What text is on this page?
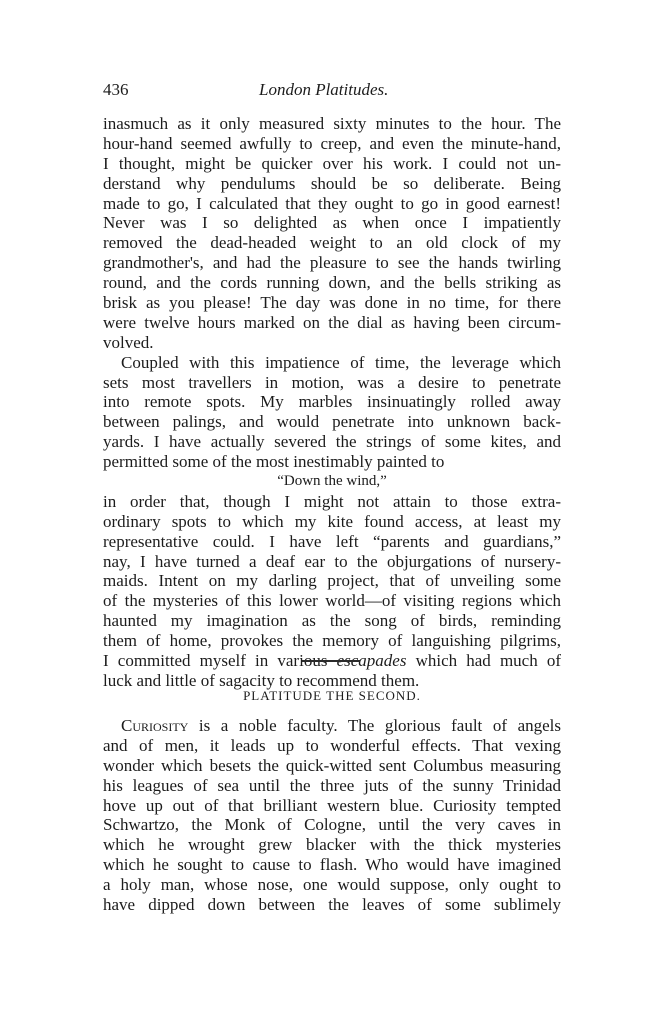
436	London Platitudes.
inasmuch as it only measured sixty minutes to the hour. The
hour-hand seemed awfully to creep, and even the minute-hand,
I thought, might be quicker over his work. I could not un-
derstand why pendulums should be so deliberate. Being
made to go, I calculated that they ought to go in good earnest!
Never was I so delighted as when once I impatiently
removed the dead-headed weight to an old clock of my
grandmother's, and had the pleasure to see the hands twirling
round, and the cords running down, and the bells striking as
brisk as you please! The day was done in no time, for there
were twelve hours marked on the dial as having been circum-
volved.
Coupled with this impatience of time, the leverage which
sets most travellers in motion, was a desire to penetrate
into remote spots. My marbles insinuatingly rolled away
between palings, and would penetrate into unknown back-
yards. I have actually severed the strings of some kites, and
permitted some of the most inestimably painted to
“Down the wind,”
in order that, though I might not attain to those extra-
ordinary spots to which my kite found access, at least my
representative could. I have left “parents and guardians,”
nay, I have turned a deaf ear to the objurgations of nursery-
maids. Intent on my darling project, that of unveiling some
of the mysteries of this lower world—of visiting regions which
haunted my imagination as the song of birds, reminding
them of home, provokes the memory of languishing pilgrims,
I committed myself in various escapades which had much of
luck and little of sagacity to recommend them.
PLATITUDE THE SECOND.
Curiosity is a noble faculty. The glorious fault of angels
and of men, it leads up to wonderful effects. That vexing
wonder which besets the quick-witted sent Columbus measuring
his leagues of sea until the three juts of the sunny Trinidad
hove up out of that brilliant western blue. Curiosity tempted
Schwartzo, the Monk of Cologne, until the very caves in
which he wrought grew blacker with the thick mysteries
which he sought to cause to flash. Who would have imagined
a holy man, whose nose, one would suppose, only ought to
have dipped down between the leaves of some sublimely
